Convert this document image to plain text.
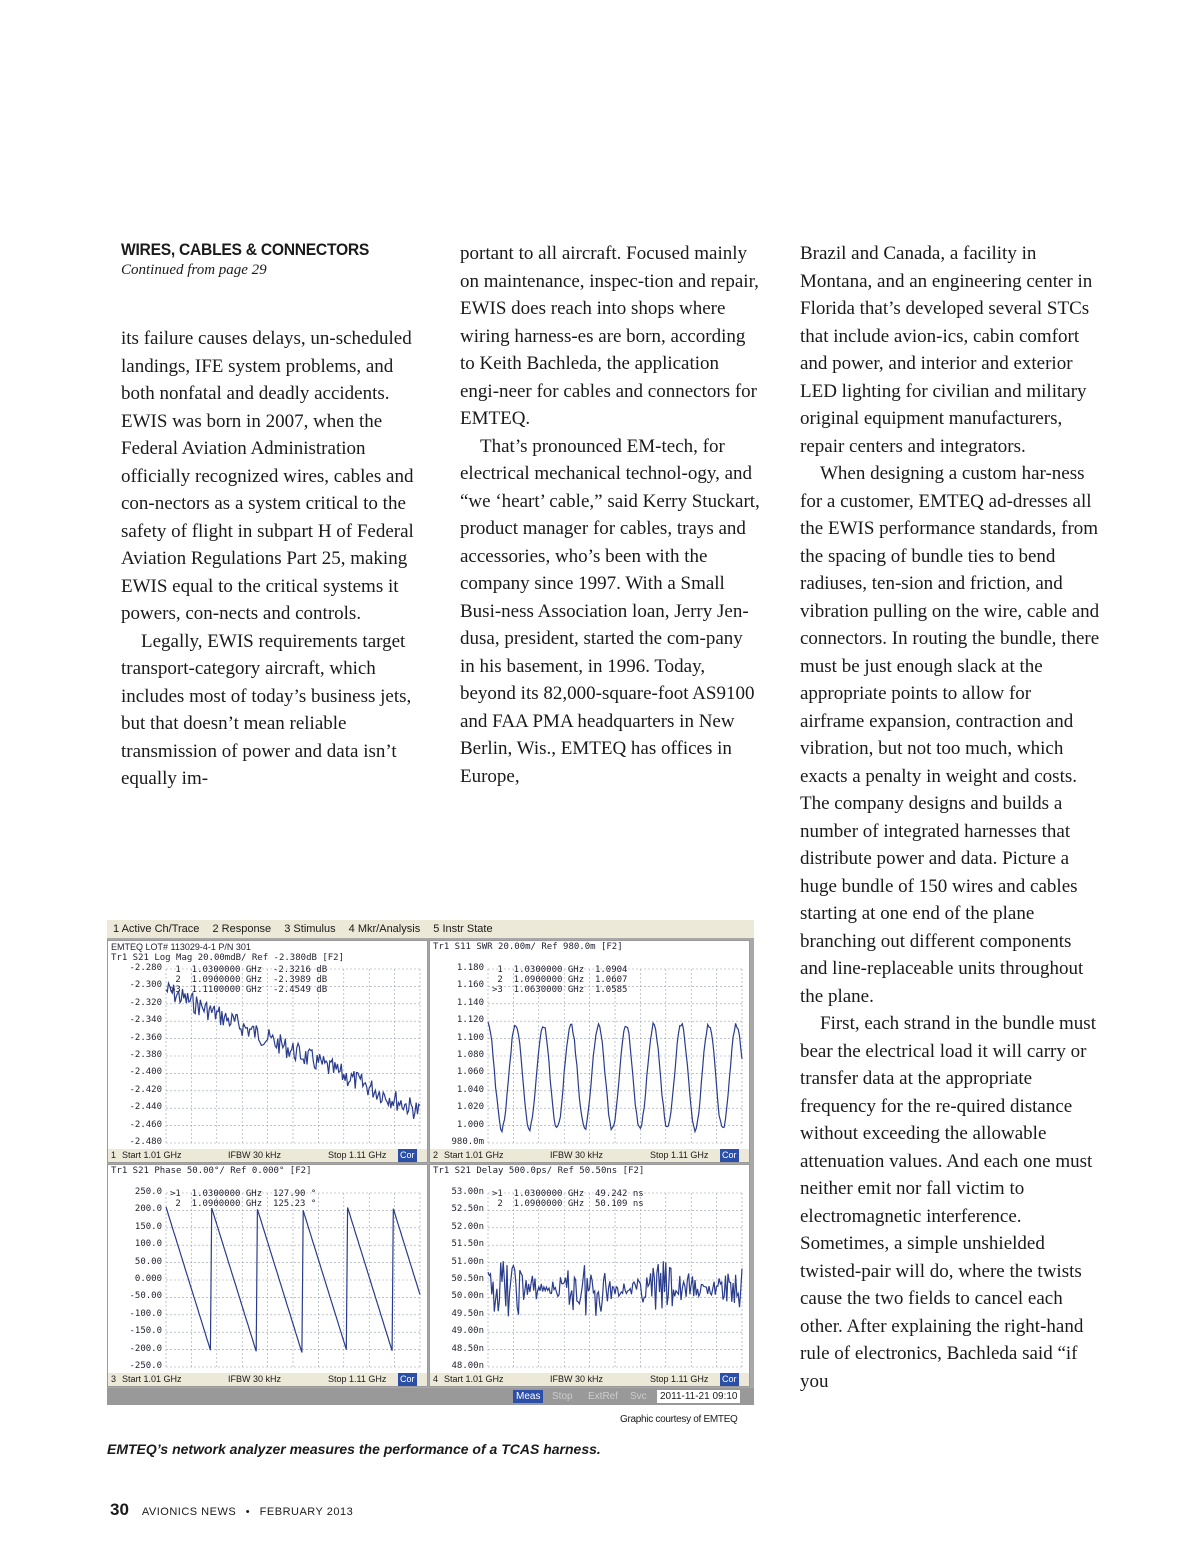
WIRES, CABLES & CONNECTORS
Continued from page 29

its failure causes delays, un-scheduled landings, IFE system problems, and both nonfatal and deadly accidents. EWIS was born in 2007, when the Federal Aviation Administration officially recognized wires, cables and con-nectors as a system critical to the safety of flight in subpart H of Federal Aviation Regulations Part 25, making EWIS equal to the critical systems it powers, con-nects and controls.

Legally, EWIS requirements target transport-category aircraft, which includes most of today’s business jets, but that doesn’t mean reliable transmission of power and data isn’t equally im-

portant to all aircraft. Focused mainly on maintenance, inspec-tion and repair, EWIS does reach into shops where wiring harness-es are born, according to Keith Bachleda, the application engi-neer for cables and connectors for EMTEQ.

That’s pronounced EM-tech, for electrical mechanical technol-ogy, and “we ‘heart’ cable,” said Kerry Stuckart, product manager for cables, trays and accessories, who’s been with the company since 1997. With a Small Busi-ness Association loan, Jerry Jen-dusa, president, started the com-pany in his basement, in 1996. Today, beyond its 82,000-square-foot AS9100 and FAA PMA headquarters in New Berlin, Wis., EMTEQ has offices in Europe,

Brazil and Canada, a facility in Montana, and an engineering center in Florida that’s developed several STCs that include avion-ics, cabin comfort and power, and interior and exterior LED lighting for civilian and military original equipment manufacturers, repair centers and integrators.

When designing a custom har-ness for a customer, EMTEQ ad-dresses all the EWIS performance standards, from the spacing of bundle ties to bend radiuses, ten-sion and friction, and vibration pulling on the wire, cable and connectors. In routing the bundle, there must be just enough slack at the appropriate points to allow for airframe expansion, contraction and vibration, but not too much, which exacts a penalty in weight and costs. The company designs and builds a number of integrated harnesses that distribute power and data. Picture a huge bundle of 150 wires and cables starting at one end of the plane branching out different components and line-replaceable units throughout the plane.

First, each strand in the bundle must bear the electrical load it will carry or transfer data at the appropriate frequency for the re-quired distance without exceeding the allowable attenuation values. And each one must neither emit nor fall victim to electromagnetic interference. Sometimes, a simple unshielded twisted-pair will do, where the twists cause the two fields to cancel each other. After explaining the right-hand rule of electronics, Bachleda said “if you

1 Active Ch/Trace 2 Response 3 Stimulus 4 Mkr/Analysis 5 Instr State
Tr1 S21 Log Mag 20.00mdB/ Ref -2.380dB [F2]
EMTEQ LOT# 113029-4-1 P/N 301
-2.280
-2.300
-2.320
-2.340
-2.360
-2.380
-2.400
-2.420
-2.440
-2.460
-2.480
1  1.0300000 GHz  -2.3216 dB
2  1.0900000 GHz  -2.3989 dB
>3  1.1100000 GHz  -2.4549 dB
1 Start 1.01 GHz	IFBW 30 kHz	Stop 1.11 GHz Cor
Tr1 S11 SWR 20.00m/ Ref 980.0m [F2]
1.180
1.160
1.140
1.120
1.100
1.080
1.060
1.040
1.020
1.000
980.0m
1  1.0300000 GHz  1.0904
2  1.0900000 GHz  1.0607
>3  1.0630000 GHz  1.0585
2 Start 1.01 GHz	IFBW 30 kHz	Stop 1.11 GHz Cor
Tr1 S21 Phase 50.00°/ Ref 0.000° [F2]
250.0
200.0
150.0
100.0
50.00
0.000
-50.00
-100.0
-150.0
-200.0
-250.0
>1  1.0300000 GHz  127.90 °
2  1.0900000 GHz  125.23 °
3 Start 1.01 GHz	IFBW 30 kHz	Stop 1.11 GHz Cor
Tr1 S21 Delay 500.0ps/ Ref 50.50ns [F2]
53.00n
52.50n
52.00n
51.50n
51.00n
50.50n
50.00n
49.50n
49.00n
48.50n
48.00n
>1  1.0300000 GHz  49.242 ns
2  1.0900000 GHz  50.109 ns
4 Start 1.01 GHz	IFBW 30 kHz	Stop 1.11 GHz Cor
Meas	Stop	ExtRef	Svc	2011-11-21 09:10
Graphic courtesy of EMTEQ
EMTEQ’s network analyzer measures the performance of a TCAS harness.
30 AVIONICS NEWS • FEBRUARY 2013
